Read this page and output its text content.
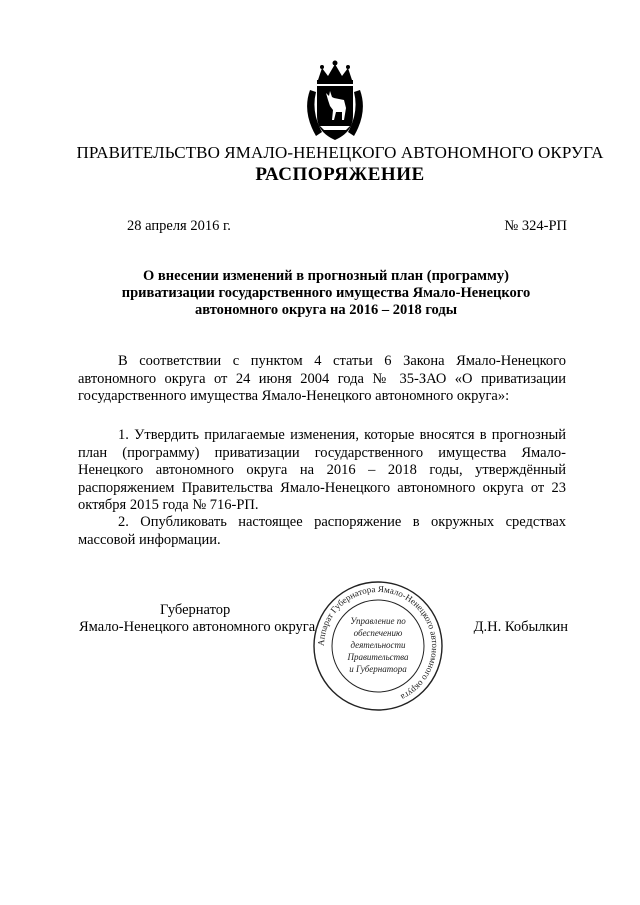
ПРАВИТЕЛЬСТВО ЯМАЛО-НЕНЕЦКОГО АВТОНОМНОГО ОКРУГА
РАСПОРЯЖЕНИЕ
28 апреля 2016 г.	№ 324-РП
О внесении изменений в прогнозный план (программу) приватизации государственного имущества Ямало-Ненецкого автономного округа на 2016 – 2018 годы
В соответствии с пунктом 4 статьи 6 Закона Ямало-Ненецкого автономного округа от 24 июня 2004 года № 35-ЗАО «О приватизации государственного имущества Ямало-Ненецкого автономного округа»:
1. Утвердить прилагаемые изменения, которые вносятся в прогнозный план (программу) приватизации государственного имущества Ямало-Ненецкого автономного округа на 2016 – 2018 годы, утверждённый распоряжением Правительства Ямало-Ненецкого автономного округа от 23 октября 2015 года № 716-РП.
2. Опубликовать настоящее распоряжение в окружных средствах массовой информации.
Губернатор
Ямало-Ненецкого автономного округа	Д.Н. Кобылкин
Аппарат Губернатора Ямало-Ненецкого автономного округа
Управление по
обеспечению
деятельности
Правительства
и Губернатора
